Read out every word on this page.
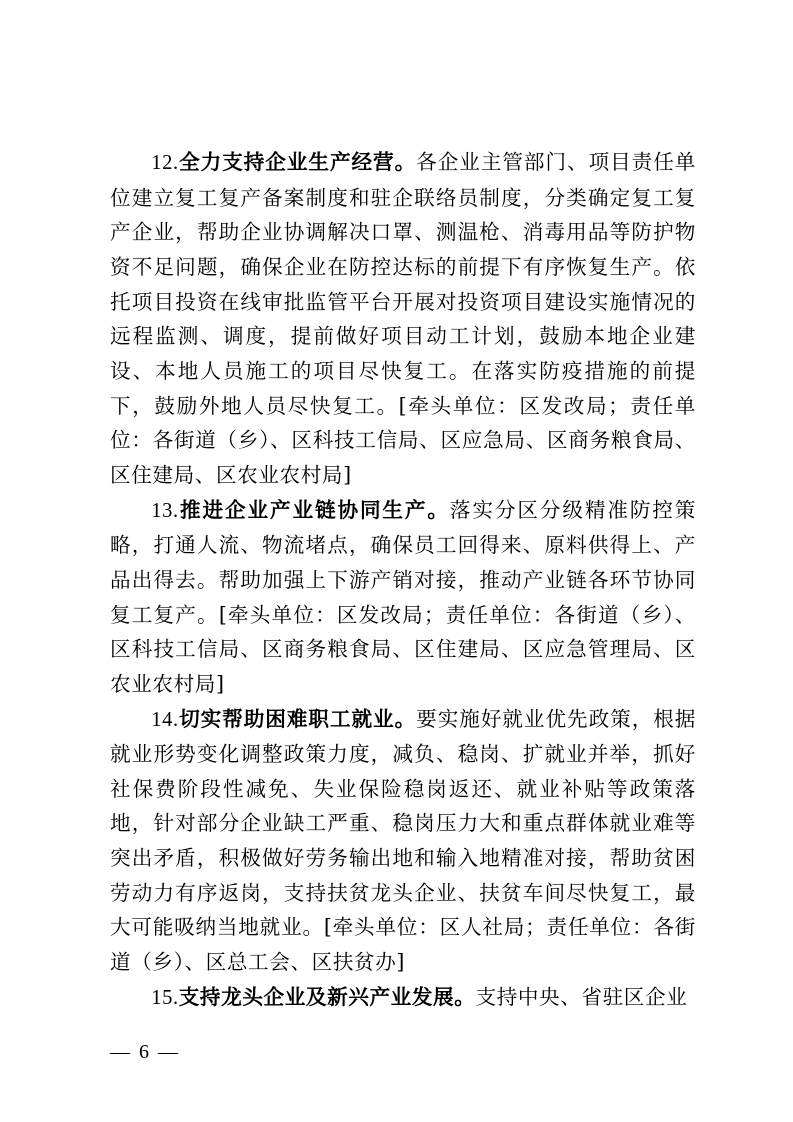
12.全力支持企业生产经营。各企业主管部门、项目责任单位建立复工复产备案制度和驻企联络员制度，分类确定复工复产企业，帮助企业协调解决口罩、测温枪、消毒用品等防护物资不足问题，确保企业在防控达标的前提下有序恢复生产。依托项目投资在线审批监管平台开展对投资项目建设实施情况的远程监测、调度，提前做好项目动工计划，鼓励本地企业建设、本地人员施工的项目尽快复工。在落实防疫措施的前提下，鼓励外地人员尽快复工。[牵头单位：区发改局；责任单位：各街道（乡）、区科技工信局、区应急局、区商务粮食局、区住建局、区农业农村局]

13.推进企业产业链协同生产。落实分区分级精准防控策略，打通人流、物流堵点，确保员工回得来、原料供得上、产品出得去。帮助加强上下游产销对接，推动产业链各环节协同复工复产。[牵头单位：区发改局；责任单位：各街道（乡）、区科技工信局、区商务粮食局、区住建局、区应急管理局、区农业农村局]

14.切实帮助困难职工就业。要实施好就业优先政策，根据就业形势变化调整政策力度，减负、稳岗、扩就业并举，抓好社保费阶段性减免、失业保险稳岗返还、就业补贴等政策落地，针对部分企业缺工严重、稳岗压力大和重点群体就业难等突出矛盾，积极做好劳务输出地和输入地精准对接，帮助贫困劳动力有序返岗，支持扶贫龙头企业、扶贫车间尽快复工，最大可能吸纳当地就业。[牵头单位：区人社局；责任单位：各街道（乡）、区总工会、区扶贫办]

15.支持龙头企业及新兴产业发展。支持中央、省驻区企业

— 6 —
